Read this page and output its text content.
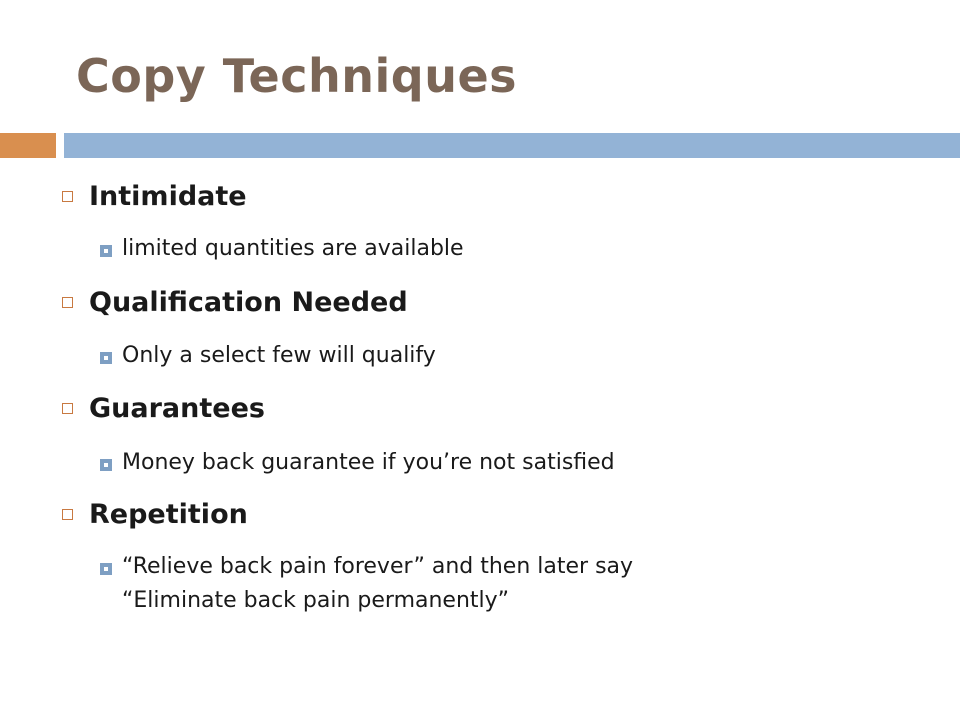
Copy Techniques
Intimidate
limited quantities are available
Qualification Needed
Only a select few will qualify
Guarantees
Money back guarantee if you’re not satisfied
Repetition
“Relieve back pain forever” and then later say
“Eliminate back pain permanently”
